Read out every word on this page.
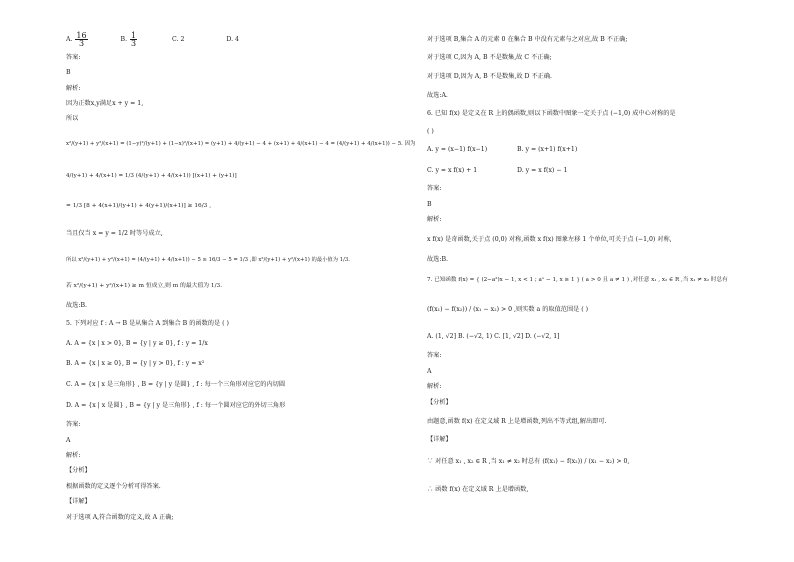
A. $\frac{16}{3}$	B. $\frac{1}{3}$	C. 2	D. 4
答案:
B
解析:
因为正数x,y满足x + y = 1,
所以
x²/(y+1) + y²/(x+1) = (1−y)²/(y+1) + (1−x)²/(x+1) = (y+1) + 4/(y+1) − 4 + (x+1) + 4/(x+1) − 4 = (4/(y+1) + 4/(x+1)) − 5. 因为
4/(y+1) + 4/(x+1) = 1/3 (4/(y+1) + 4/(x+1)) [(x+1) + (y+1)]
= 1/3 [8 + 4(x+1)/(y+1) + 4(y+1)/(x+1)] ≥ 16/3 ,
当且仅当 x = y = 1/2 时等号成立,
所以 x²/(y+1) + y²/(x+1) = (4/(y+1) + 4/(x+1)) − 5 ≥ 16/3 − 5 = 1/3 ,即 x²/(y+1) + y²/(x+1) 的最小值为 1/3.
若 x²/(y+1) + y²/(x+1) ≥ m 恒成立,则 m 的最大值为 1/3.
故选:B.
5. 下列对应 f : A → B 是从集合 A 到集合 B 的函数的是 ( )
A. A = {x | x > 0}, B = {y | y ≥ 0}, f : y = 1/x
B. A = {x | x ≥ 0}, B = {y | y > 0}, f : y = x²
C. A = {x | x 是三角形} , B = {y | y 是圆} , f : 每一个三角形对应它的内切圆
D. A = {x | x 是圆} , B = {y | y 是三角形} , f : 每一个圆对应它的外切三角形
答案:
A
解析:
【分析】
根据函数的定义逐个分析可得答案.
【详解】
对于选项 A,符合函数的定义,故 A 正确;
对于选项 B,集合 A 的元素 0 在集合 B 中没有元素与之对应,故 B 不正确;
对于选项 C,因为 A, B 不是数集,故 C 不正确;
对于选项 D,因为 A, B 不是数集,故 D 不正确.
故选:A.
6. 已知 f(x) 是定义在 R 上的偶函数,则以下函数中图象一定关于点 (−1,0) 成中心对称的是
( )
A. y = (x−1) f(x−1)	B. y = (x+1) f(x+1)
C. y = x f(x) + 1	D. y = x f(x) − 1
答案:
B
解析:
x f(x) 是奇函数,关于点 (0,0) 对称,函数 x f(x) 图象左移 1 个单位,可关于点 (−1,0) 对称,
故选:B.
7. 已知函数 f(x) = { (2−a²)x − 1, x < 1 ; aˣ − 1, x ≥ 1 } ( a > 0 且 a ≠ 1 ) ,对任意 x₁ , x₂ ∈ R ,当 x₁ ≠ x₂ 时总有
(f(x₁) − f(x₂)) / (x₁ − x₂) > 0 ,则实数 a 的取值范围是 ( )
A. (1, √2] B. (−√2, 1) C. [1, √2] D. (−√2, 1]
答案:
A
解析:
【分析】
由题意,函数 f(x) 在定义域 R 上是增函数,列出不等式组,解出即可.
【详解】
∵ 对任意 x₁ , x₂ ∈ R ,当 x₁ ≠ x₂ 时总有 (f(x₁) − f(x₂)) / (x₁ − x₂) > 0,
∴ 函数 f(x) 在定义域 R 上是增函数,
